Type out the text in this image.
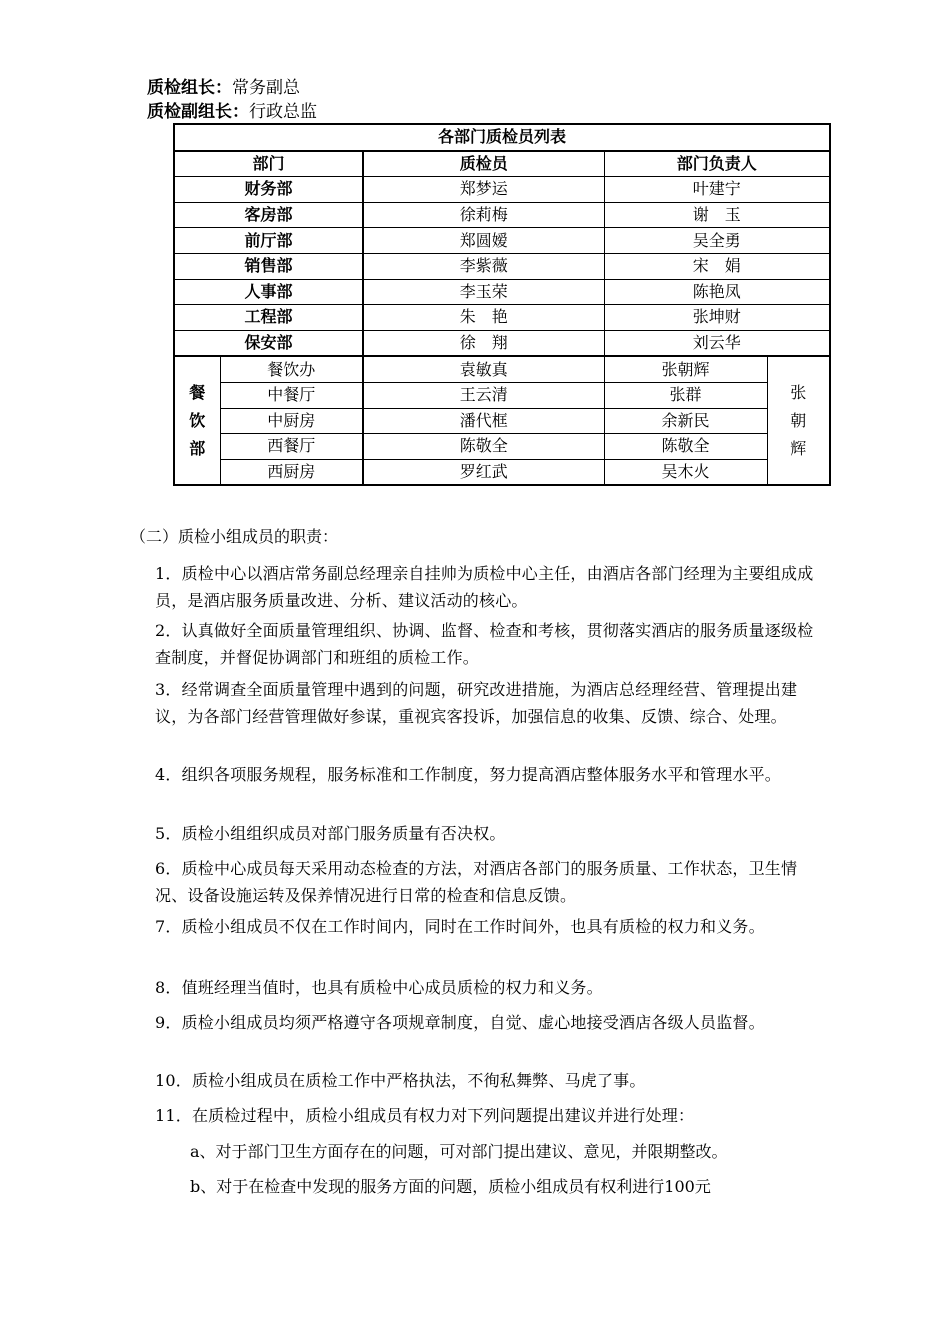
质检组长：常务副总
质检副组长：行政总监
各部门质检员列表				
部门		质检员	部门负责人	
财务部		郑梦运	叶建宁	
客房部		徐莉梅	谢　玉	
前厅部		郑圆嫒	吴全勇	
销售部		李紫薇	宋　娟	
人事部		李玉荣	陈艳凤	
工程部		朱　艳	张坤财	
保安部		徐　翔	刘云华	
餐饮部	餐饮办	袁敏真	张朝辉	张朝辉
	中餐厅	王云清	张群	
	中厨房	潘代框	余新民	
	西餐厅	陈敬全	陈敬全	
	西厨房	罗红武	吴木火	
（二）质检小组成员的职责：
1．质检中心以酒店常务副总经理亲自挂帅为质检中心主任，由酒店各部门经理为主要组成成员，是酒店服务质量改进、分析、建议活动的核心。
2．认真做好全面质量管理组织、协调、监督、检查和考核，贯彻落实酒店的服务质量逐级检查制度，并督促协调部门和班组的质检工作。
3．经常调查全面质量管理中遇到的问题，研究改进措施，为酒店总经理经营、管理提出建议，为各部门经营管理做好参谋，重视宾客投诉，加强信息的收集、反馈、综合、处理。
4．组织各项服务规程，服务标准和工作制度，努力提高酒店整体服务水平和管理水平。
5．质检小组组织成员对部门服务质量有否决权。
6．质检中心成员每天采用动态检查的方法，对酒店各部门的服务质量、工作状态，卫生情况、设备设施运转及保养情况进行日常的检查和信息反馈。
7．质检小组成员不仅在工作时间内，同时在工作时间外，也具有质检的权力和义务。
8．值班经理当值时，也具有质检中心成员质检的权力和义务。
9．质检小组成员均须严格遵守各项规章制度，自觉、虚心地接受酒店各级人员监督。
10．质检小组成员在质检工作中严格执法，不徇私舞弊、马虎了事。
11．在质检过程中，质检小组成员有权力对下列问题提出建议并进行处理：
a、对于部门卫生方面存在的问题，可对部门提出建议、意见，并限期整改。
b、对于在检查中发现的服务方面的问题，质检小组成员有权利进行100元
